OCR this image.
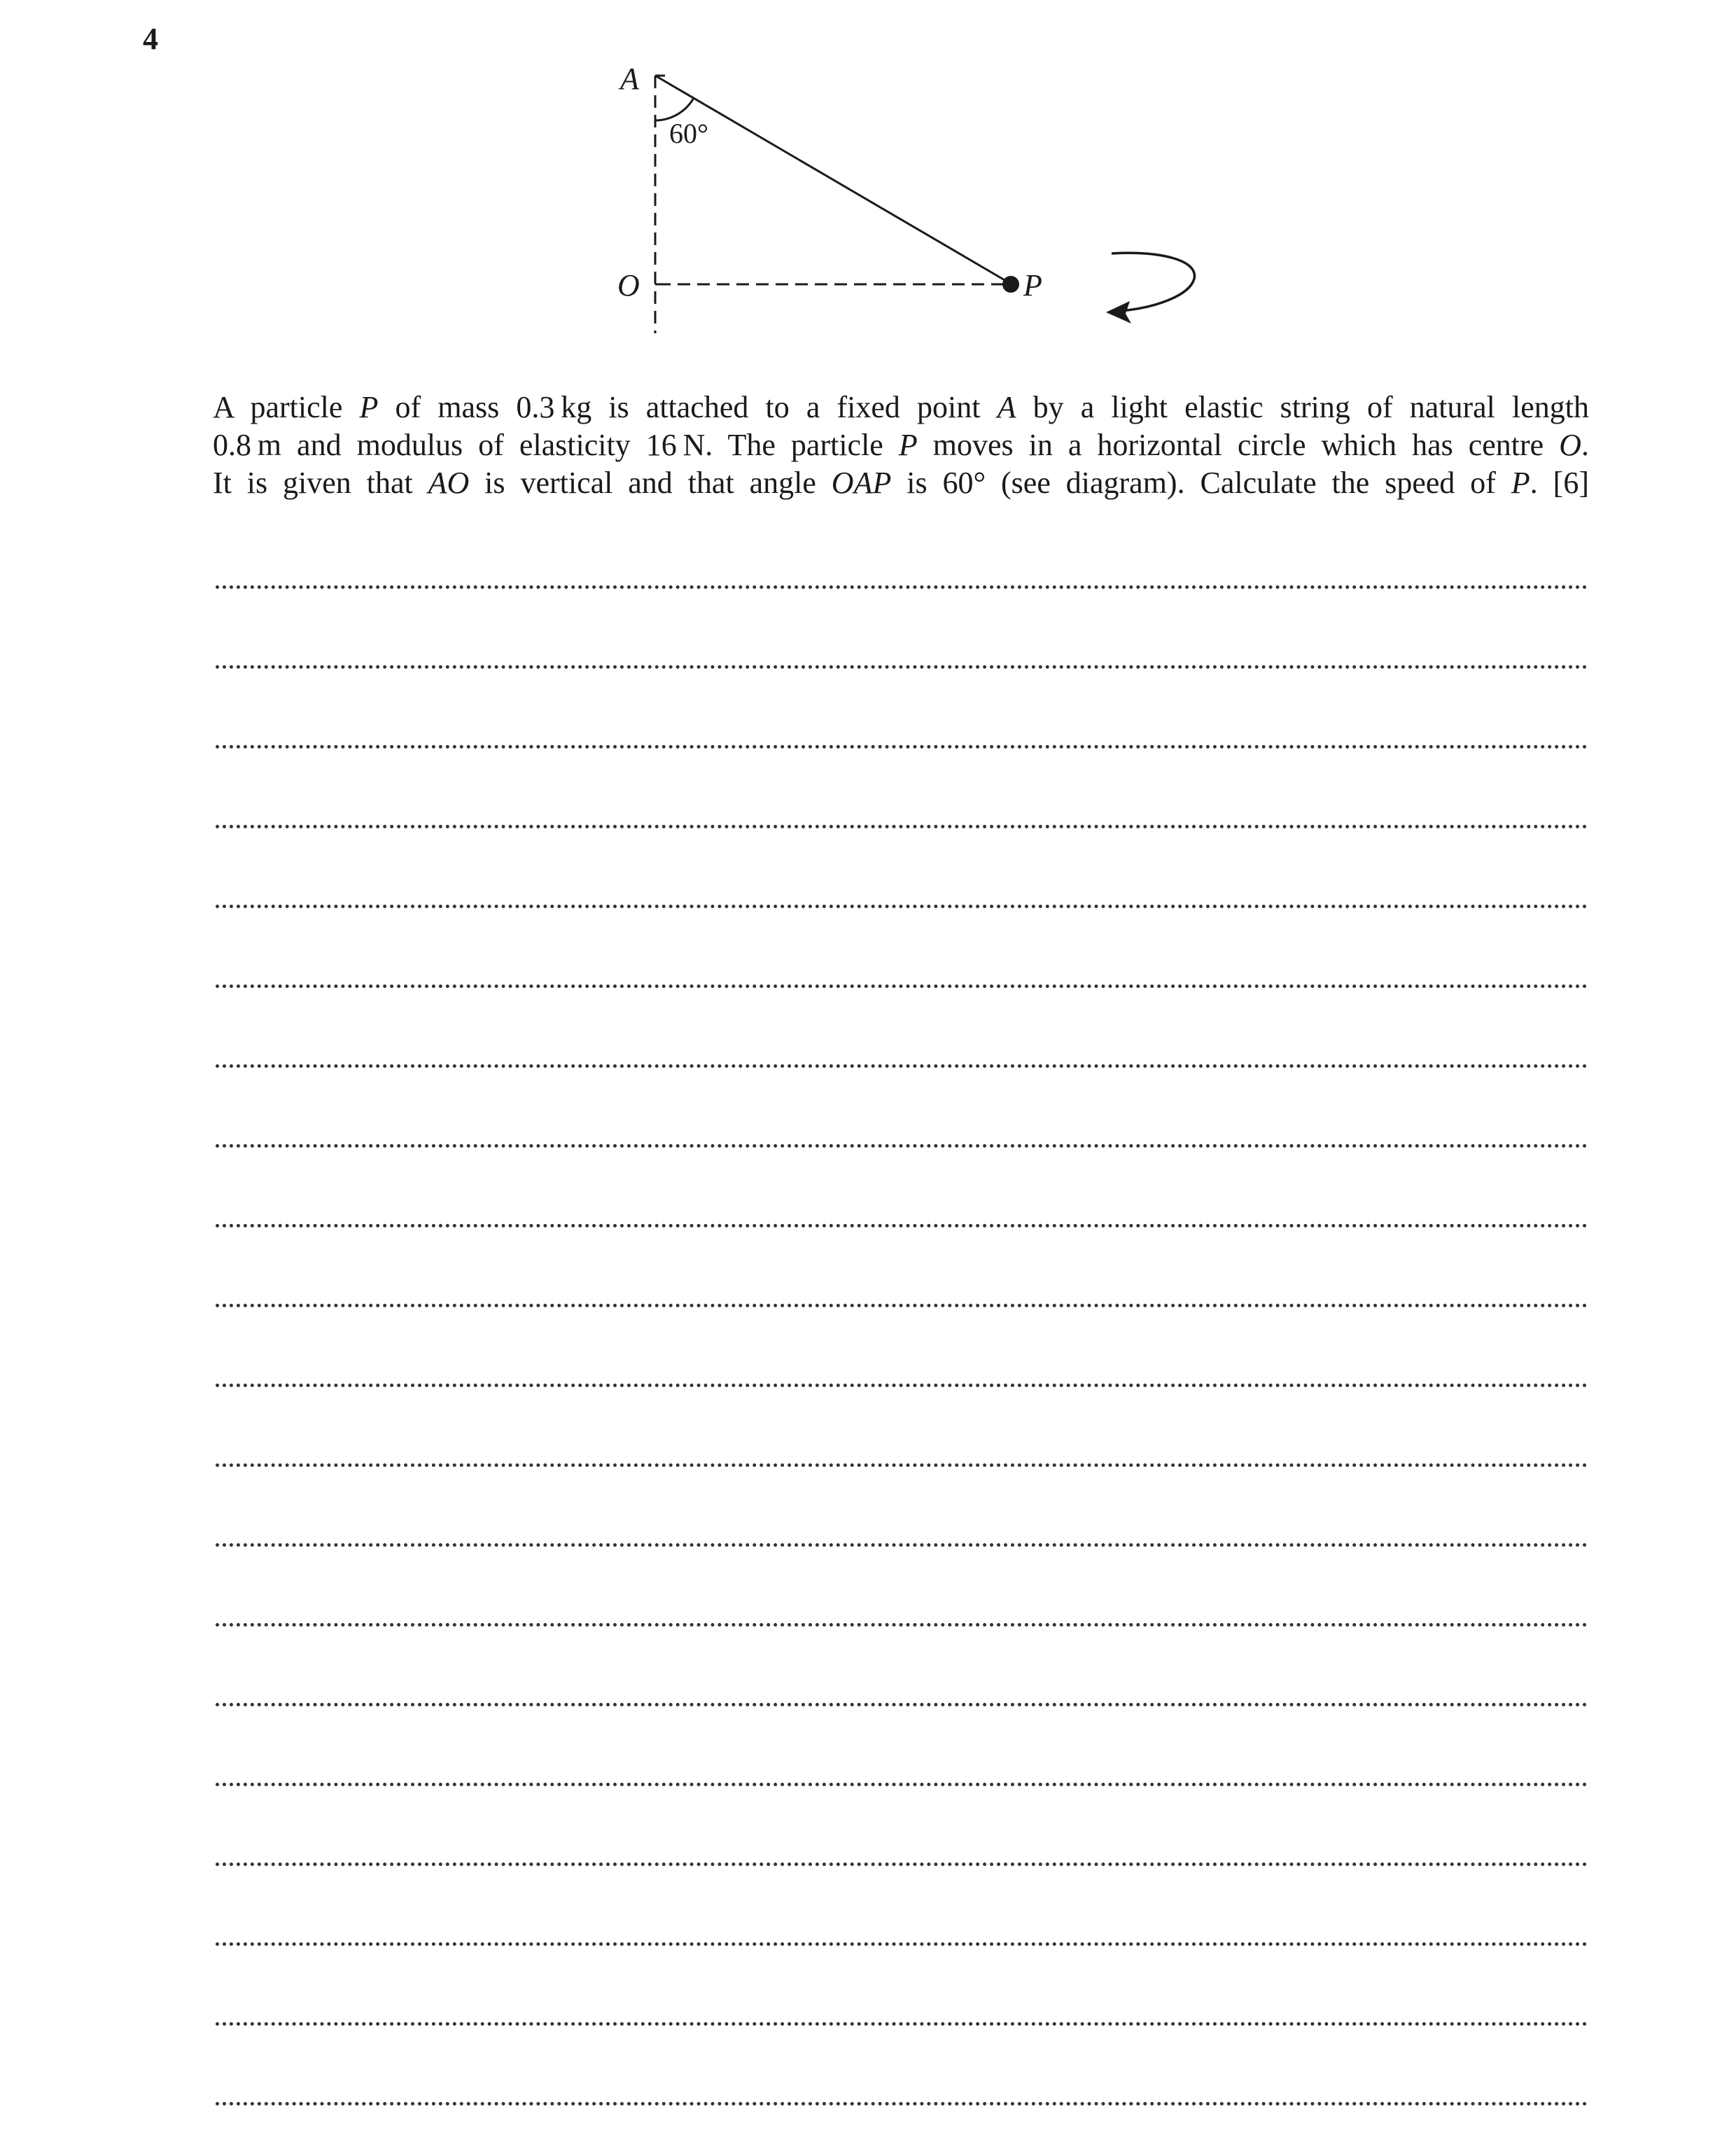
4
A
O	P
60°
A particle P of mass 0.3 kg is attached to a fixed point A by a light elastic string of natural length
0.8 m and modulus of elasticity 16 N. The particle P moves in a horizontal circle which has centre O.
It is given that AO is vertical and that angle OAP is 60° (see diagram). Calculate the speed of P. [6]
